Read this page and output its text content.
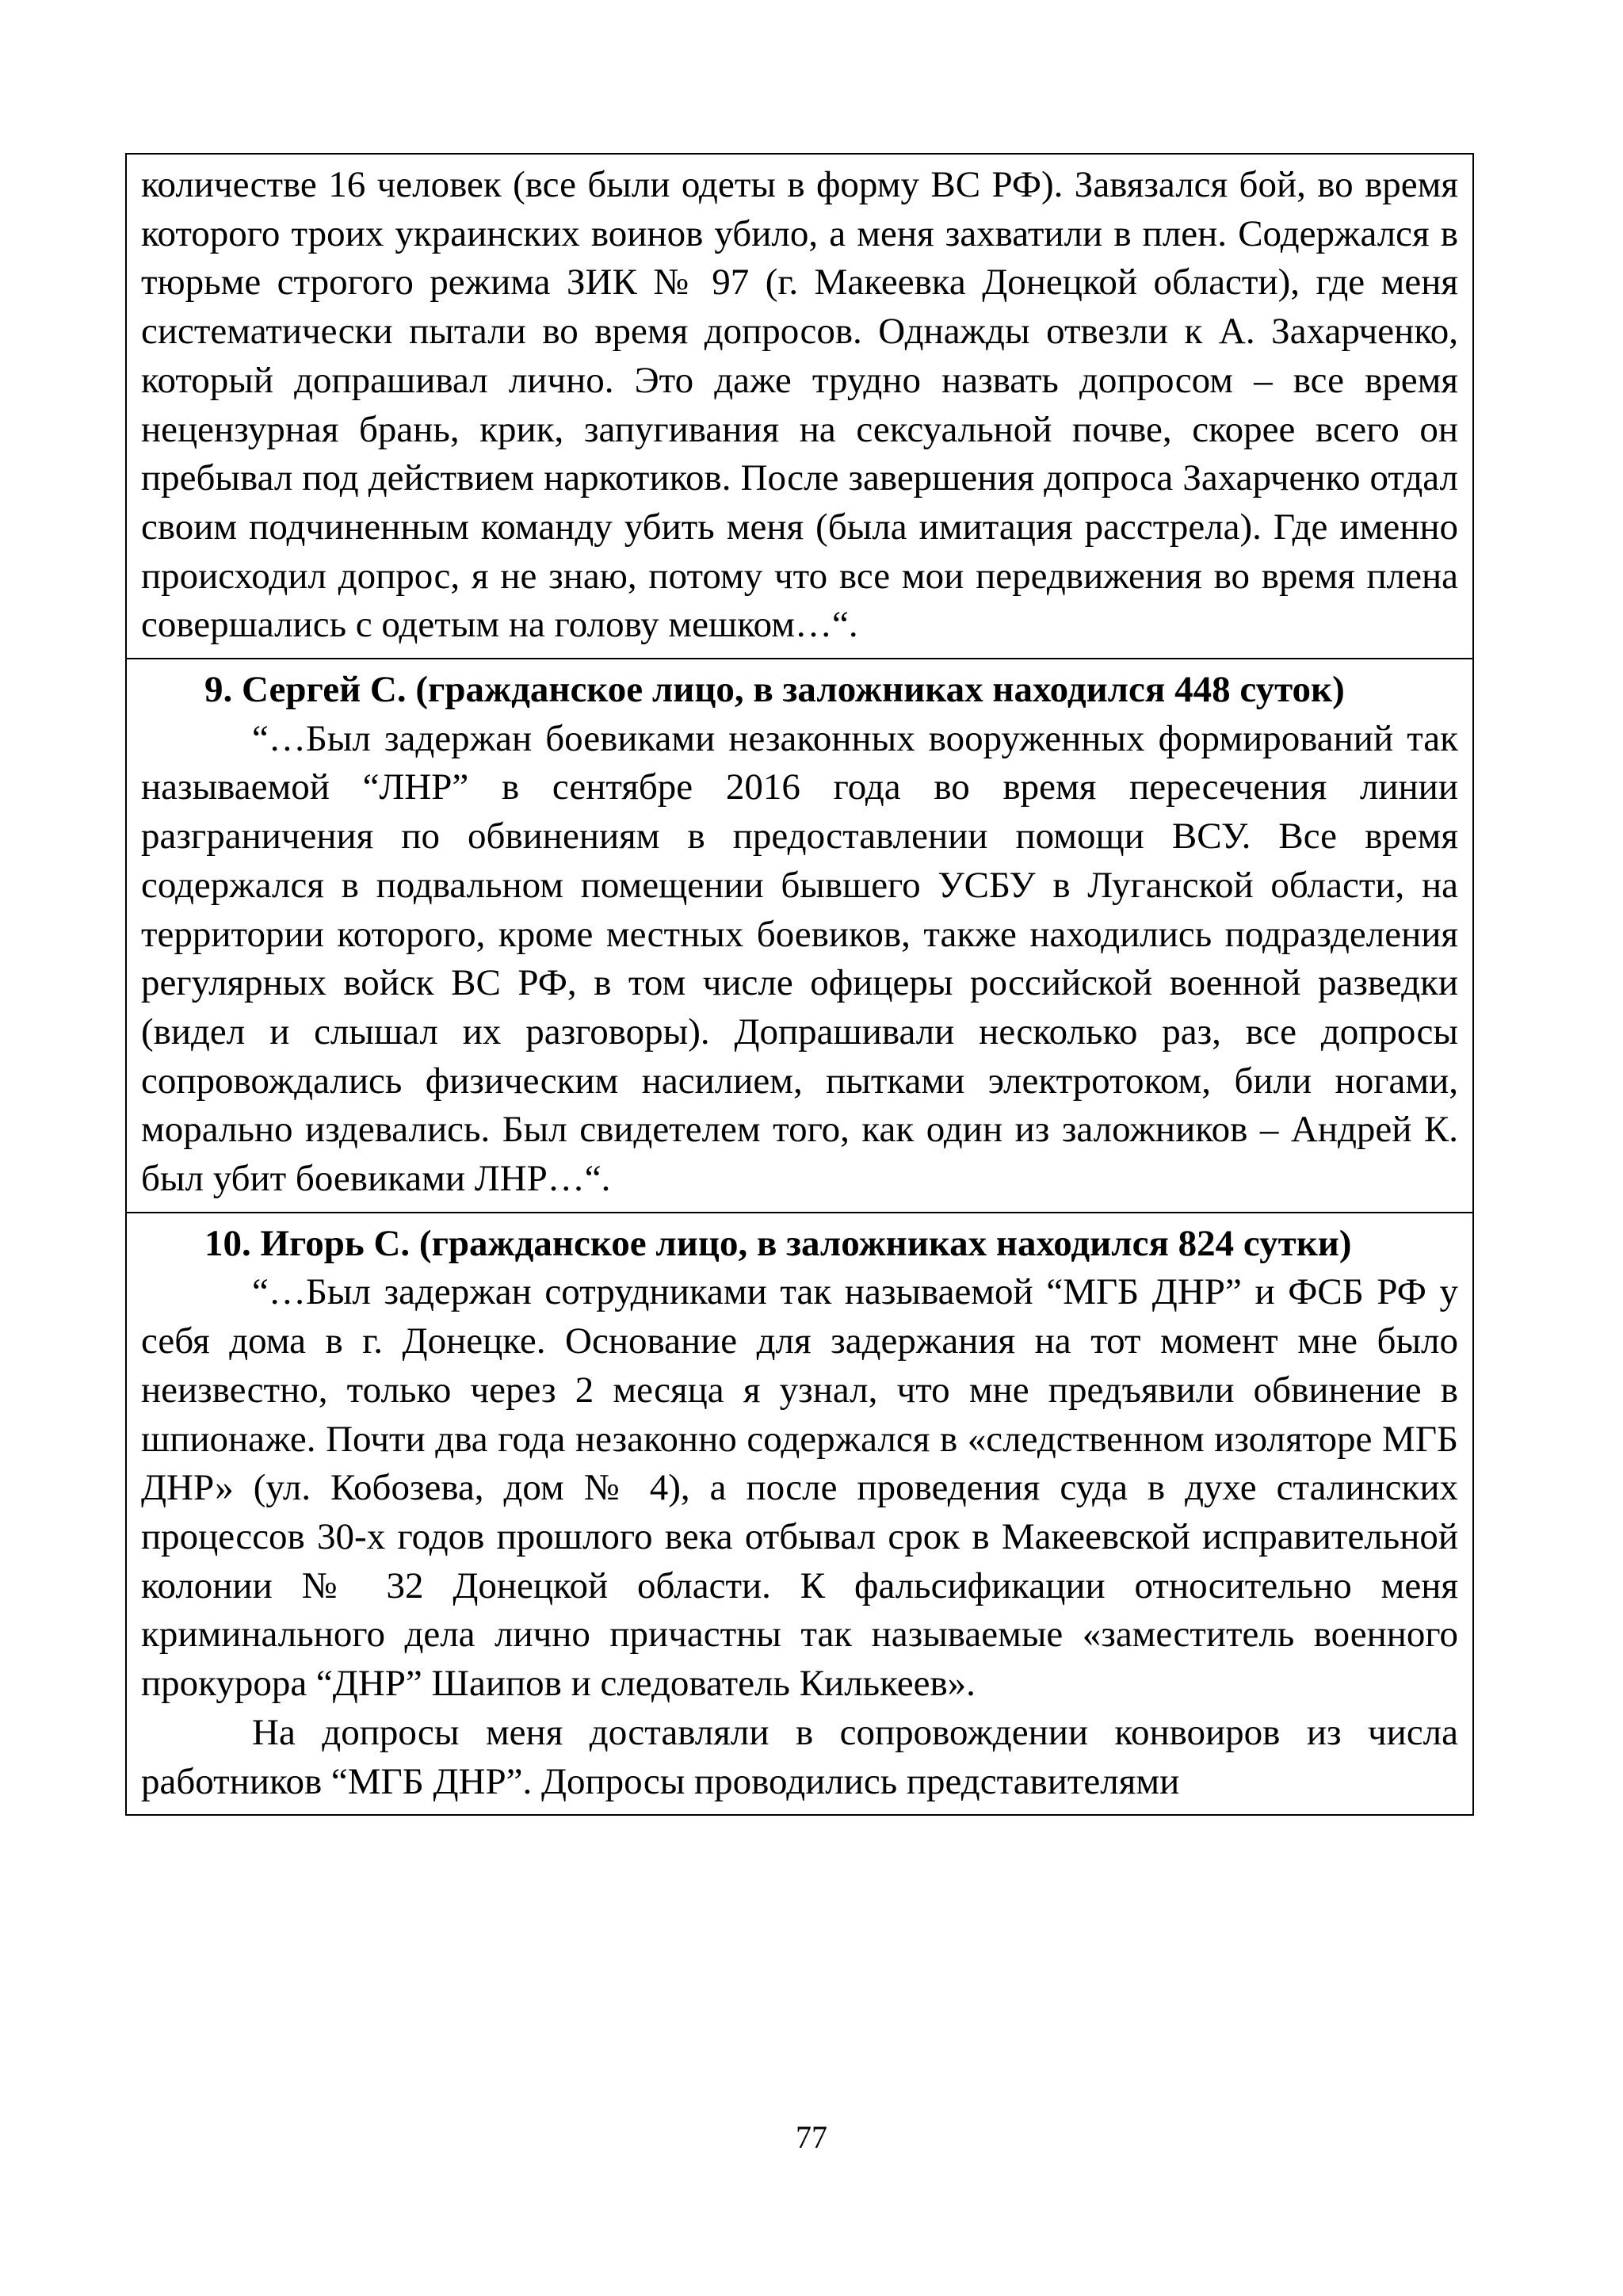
количестве 16 человек (все были одеты в форму ВС РФ). Завязался бой, во время которого троих украинских воинов убило, а меня захватили в плен. Содержался в тюрьме строгого режима ЗИК № 97 (г. Макеевка Донецкой области), где меня систематически пытали во время допросов. Однажды отвезли к А. Захарченко, который допрашивал лично. Это даже трудно назвать допросом – все время нецензурная брань, крик, запугивания на сексуальной почве, скорее всего он пребывал под действием наркотиков. После завершения допроса Захарченко отдал своим подчиненным команду убить меня (была имитация расстрела). Где именно происходил допрос, я не знаю, потому что все мои передвижения во время плена совершались с одетым на голову мешком…“.

9. Сергей С. (гражданское лицо, в заложниках находился 448 суток)

“…Был задержан боевиками незаконных вооруженных формирований так называемой “ЛНР” в сентябре 2016 года во время пересечения линии разграничения по обвинениям в предоставлении помощи ВСУ. Все время содержался в подвальном помещении бывшего УСБУ в Луганской области, на территории которого, кроме местных боевиков, также находились подразделения регулярных войск ВС РФ, в том числе офицеры российской военной разведки (видел и слышал их разговоры). Допрашивали несколько раз, все допросы сопровождались физическим насилием, пытками электротоком, били ногами, морально издевались. Был свидетелем того, как один из заложников – Андрей К. был убит боевиками ЛНР…“.

10. Игорь С. (гражданское лицо, в заложниках находился 824 сутки)

“…Был задержан сотрудниками так называемой “МГБ ДНР” и ФСБ РФ у себя дома в г. Донецке. Основание для задержания на тот момент мне было неизвестно, только через 2 месяца я узнал, что мне предъявили обвинение в шпионаже. Почти два года незаконно содержался в «следственном изоляторе МГБ ДНР» (ул. Кобозева, дом № 4), а после проведения суда в духе сталинских процессов 30-х годов прошлого века отбывал срок в Макеевской исправительной колонии № 32 Донецкой области. К фальсификации относительно меня криминального дела лично причастны так называемые «заместитель военного прокурора “ДНР” Шаипов и следователь Килькеев».

На допросы меня доставляли в сопровождении конвоиров из числа работников “МГБ ДНР”. Допросы проводились представителями

77
